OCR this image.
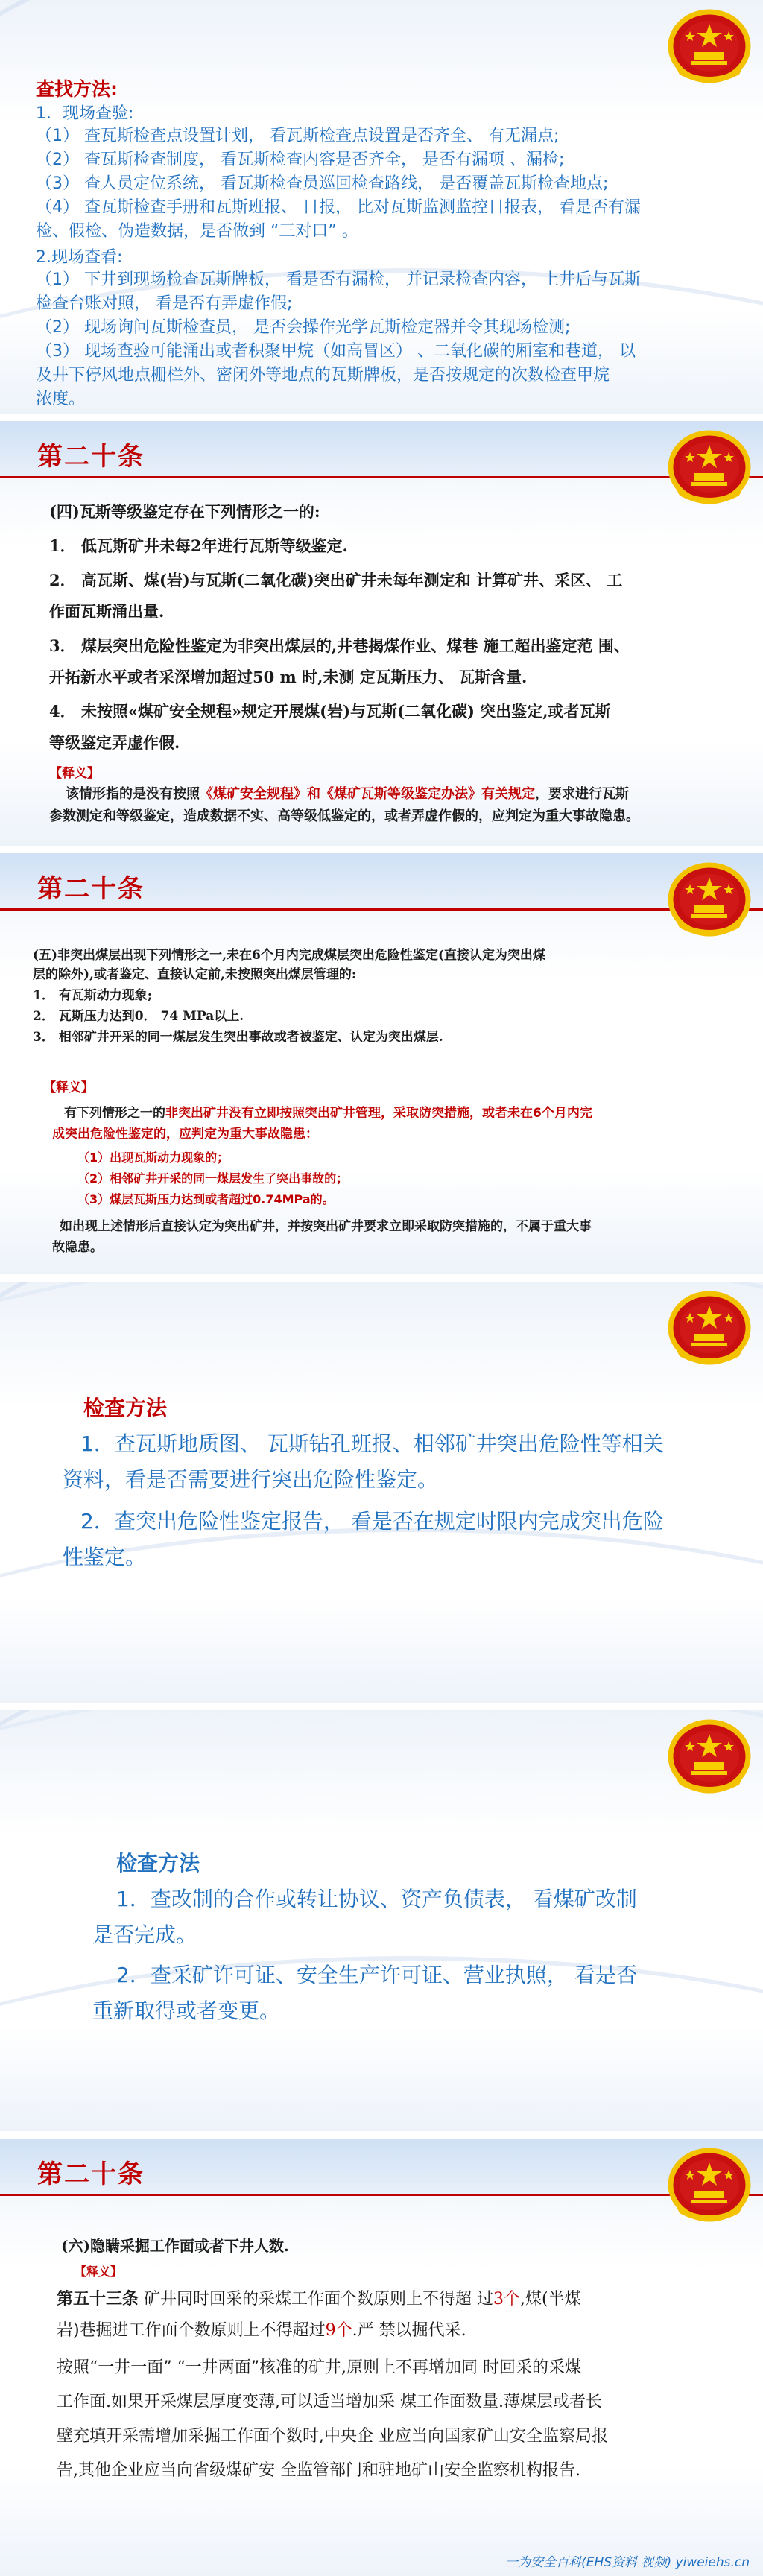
查找方法:
1．现场查验:
（1） 查瓦斯检查点设置计划， 看瓦斯检查点设置是否齐全、 有无漏点;
（2） 查瓦斯检查制度， 看瓦斯检查内容是否齐全， 是否有漏项 、漏检;
（3） 查人员定位系统， 看瓦斯检查员巡回检查路线， 是否覆盖瓦斯检查地点;
（4） 查瓦斯检查手册和瓦斯班报、 日报， 比对瓦斯监测监控日报表， 看是否有漏
检、假检、伪造数据，是否做到 “三对口” 。
2.现场查看:
（1） 下井到现场检查瓦斯牌板， 看是否有漏检， 并记录检查内容， 上井后与瓦斯
检查台账对照， 看是否有弄虚作假;
（2） 现场询问瓦斯检查员， 是否会操作光学瓦斯检定器并令其现场检测;
（3） 现场查验可能涌出或者积聚甲烷（如高冒区） 、二氧化碳的厢室和巷道， 以
及井下停风地点栅栏外、密闭外等地点的瓦斯牌板，是否按规定的次数检查甲烷
浓度。
第二十条
(四)瓦斯等级鉴定存在下列情形之一的:
1． 低瓦斯矿井未每2年进行瓦斯等级鉴定.
2． 高瓦斯、煤(岩)与瓦斯(二氧化碳)突出矿井未每年测定和 计算矿井、采区、 工
作面瓦斯涌出量.
3． 煤层突出危险性鉴定为非突出煤层的,井巷揭煤作业、煤巷 施工超出鉴定范 围、
开拓新水平或者采深增加超过50 m 时,未测 定瓦斯压力、 瓦斯含量.
4． 未按照«煤矿安全规程»规定开展煤(岩)与瓦斯(二氧化碳) 突出鉴定,或者瓦斯
等级鉴定弄虚作假.
【释义】
该情形指的是没有按照《煤矿安全规程》和《煤矿瓦斯等级鉴定办法》有关规定，要求进行瓦斯
参数测定和等级鉴定，造成数据不实、高等级低鉴定的，或者弄虚作假的，应判定为重大事故隐患。
第二十条
(五)非突出煤层出现下列情形之一,未在6个月内完成煤层突出危险性鉴定(直接认定为突出煤
层的除外),或者鉴定、直接认定前,未按照突出煤层管理的:
1． 有瓦斯动力现象;
2． 瓦斯压力达到0． 74 MPa以上.
3． 相邻矿井开采的同一煤层发生突出事故或者被鉴定、认定为突出煤层.
【释义】
有下列情形之一的非突出矿井没有立即按照突出矿井管理，采取防突措施，或者未在6个月内完
成突出危险性鉴定的，应判定为重大事故隐患：
（1）出现瓦斯动力现象的；
（2）相邻矿井开采的同一煤层发生了突出事故的；
（3）煤层瓦斯压力达到或者超过0.74MPa的。
如出现上述情形后直接认定为突出矿井，并按突出矿井要求立即采取防突措施的，不属于重大事
故隐患。
检查方法
1．查瓦斯地质图、 瓦斯钻孔班报、相邻矿井突出危险性等相关
资料，看是否需要进行突出危险性鉴定。
2．查突出危险性鉴定报告， 看是否在规定时限内完成突出危险
性鉴定。
检查方法
1．查改制的合作或转让协议、资产负债表， 看煤矿改制
是否完成。
2．查采矿许可证、安全生产许可证、营业执照， 看是否
重新取得或者变更。
第二十条
(六)隐瞒采掘工作面或者下井人数.
【释义】
第五十三条 矿井同时回采的采煤工作面个数原则上不得超 过3个,煤(半煤
岩)巷掘进工作面个数原则上不得超过9个.严 禁以掘代采.
按照“一井一面” “一井两面”核准的矿井,原则上不再增加同 时回采的采煤
工作面.如果开采煤层厚度变薄,可以适当增加采 煤工作面数量.薄煤层或者长
壁充填开采需增加采掘工作面个数时,中央企 业应当向国家矿山安全监察局报
告,其他企业应当向省级煤矿安 全监管部门和驻地矿山安全监察机构报告.
一为安全百科(EHS资料 视频) yiweiehs.cn
